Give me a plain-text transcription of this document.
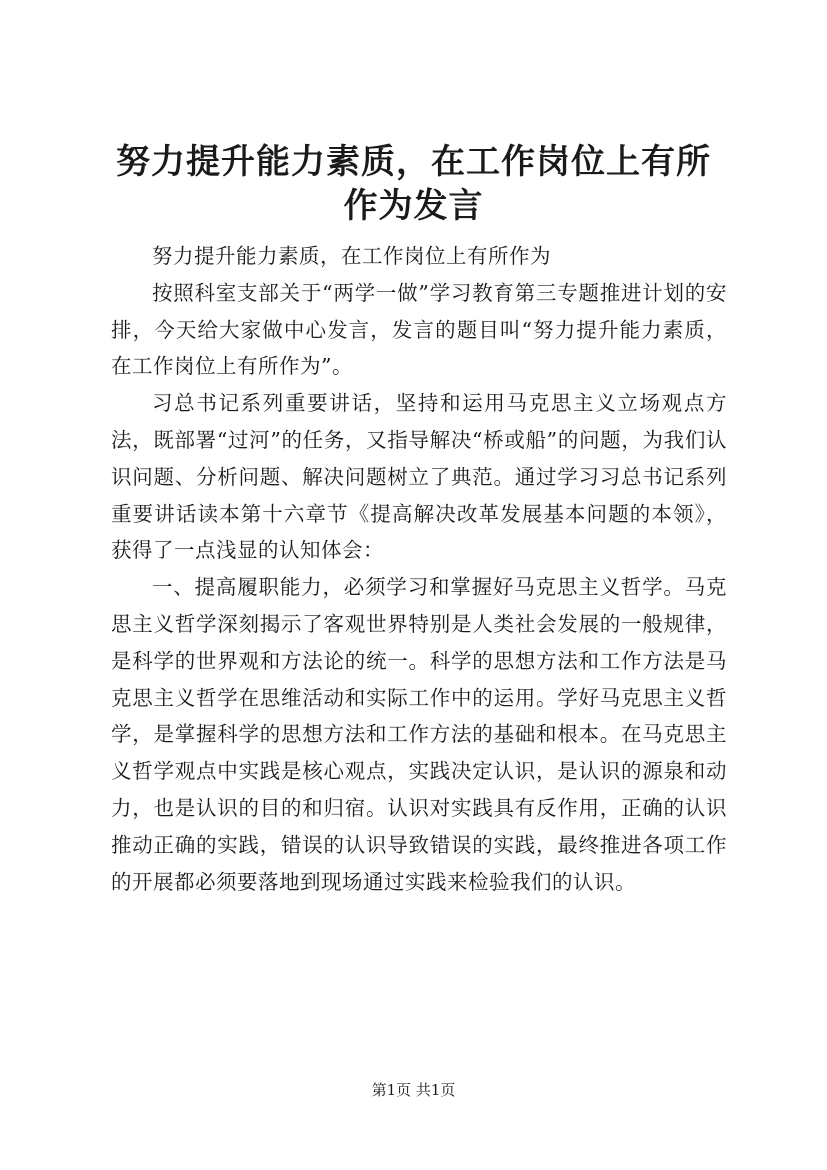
努力提升能力素质，在工作岗位上有所作为发言

努力提升能力素质，在工作岗位上有所作为

按照科室支部关于“两学一做”学习教育第三专题推进计划的安排，今天给大家做中心发言，发言的题目叫“努力提升能力素质，在工作岗位上有所作为”。

习总书记系列重要讲话，坚持和运用马克思主义立场观点方法，既部署“过河”的任务，又指导解决“桥或船”的问题，为我们认识问题、分析问题、解决问题树立了典范。通过学习习总书记系列重要讲话读本第十六章节《提高解决改革发展基本问题的本领》，获得了一点浅显的认知体会：

一、提高履职能力，必须学习和掌握好马克思主义哲学。马克思主义哲学深刻揭示了客观世界特别是人类社会发展的一般规律，是科学的世界观和方法论的统一。科学的思想方法和工作方法是马克思主义哲学在思维活动和实际工作中的运用。学好马克思主义哲学，是掌握科学的思想方法和工作方法的基础和根本。在马克思主义哲学观点中实践是核心观点，实践决定认识，是认识的源泉和动力，也是认识的目的和归宿。认识对实践具有反作用，正确的认识推动正确的实践，错误的认识导致错误的实践，最终推进各项工作的开展都必须要落地到现场通过实践来检验我们的认识。

第1页 共1页
